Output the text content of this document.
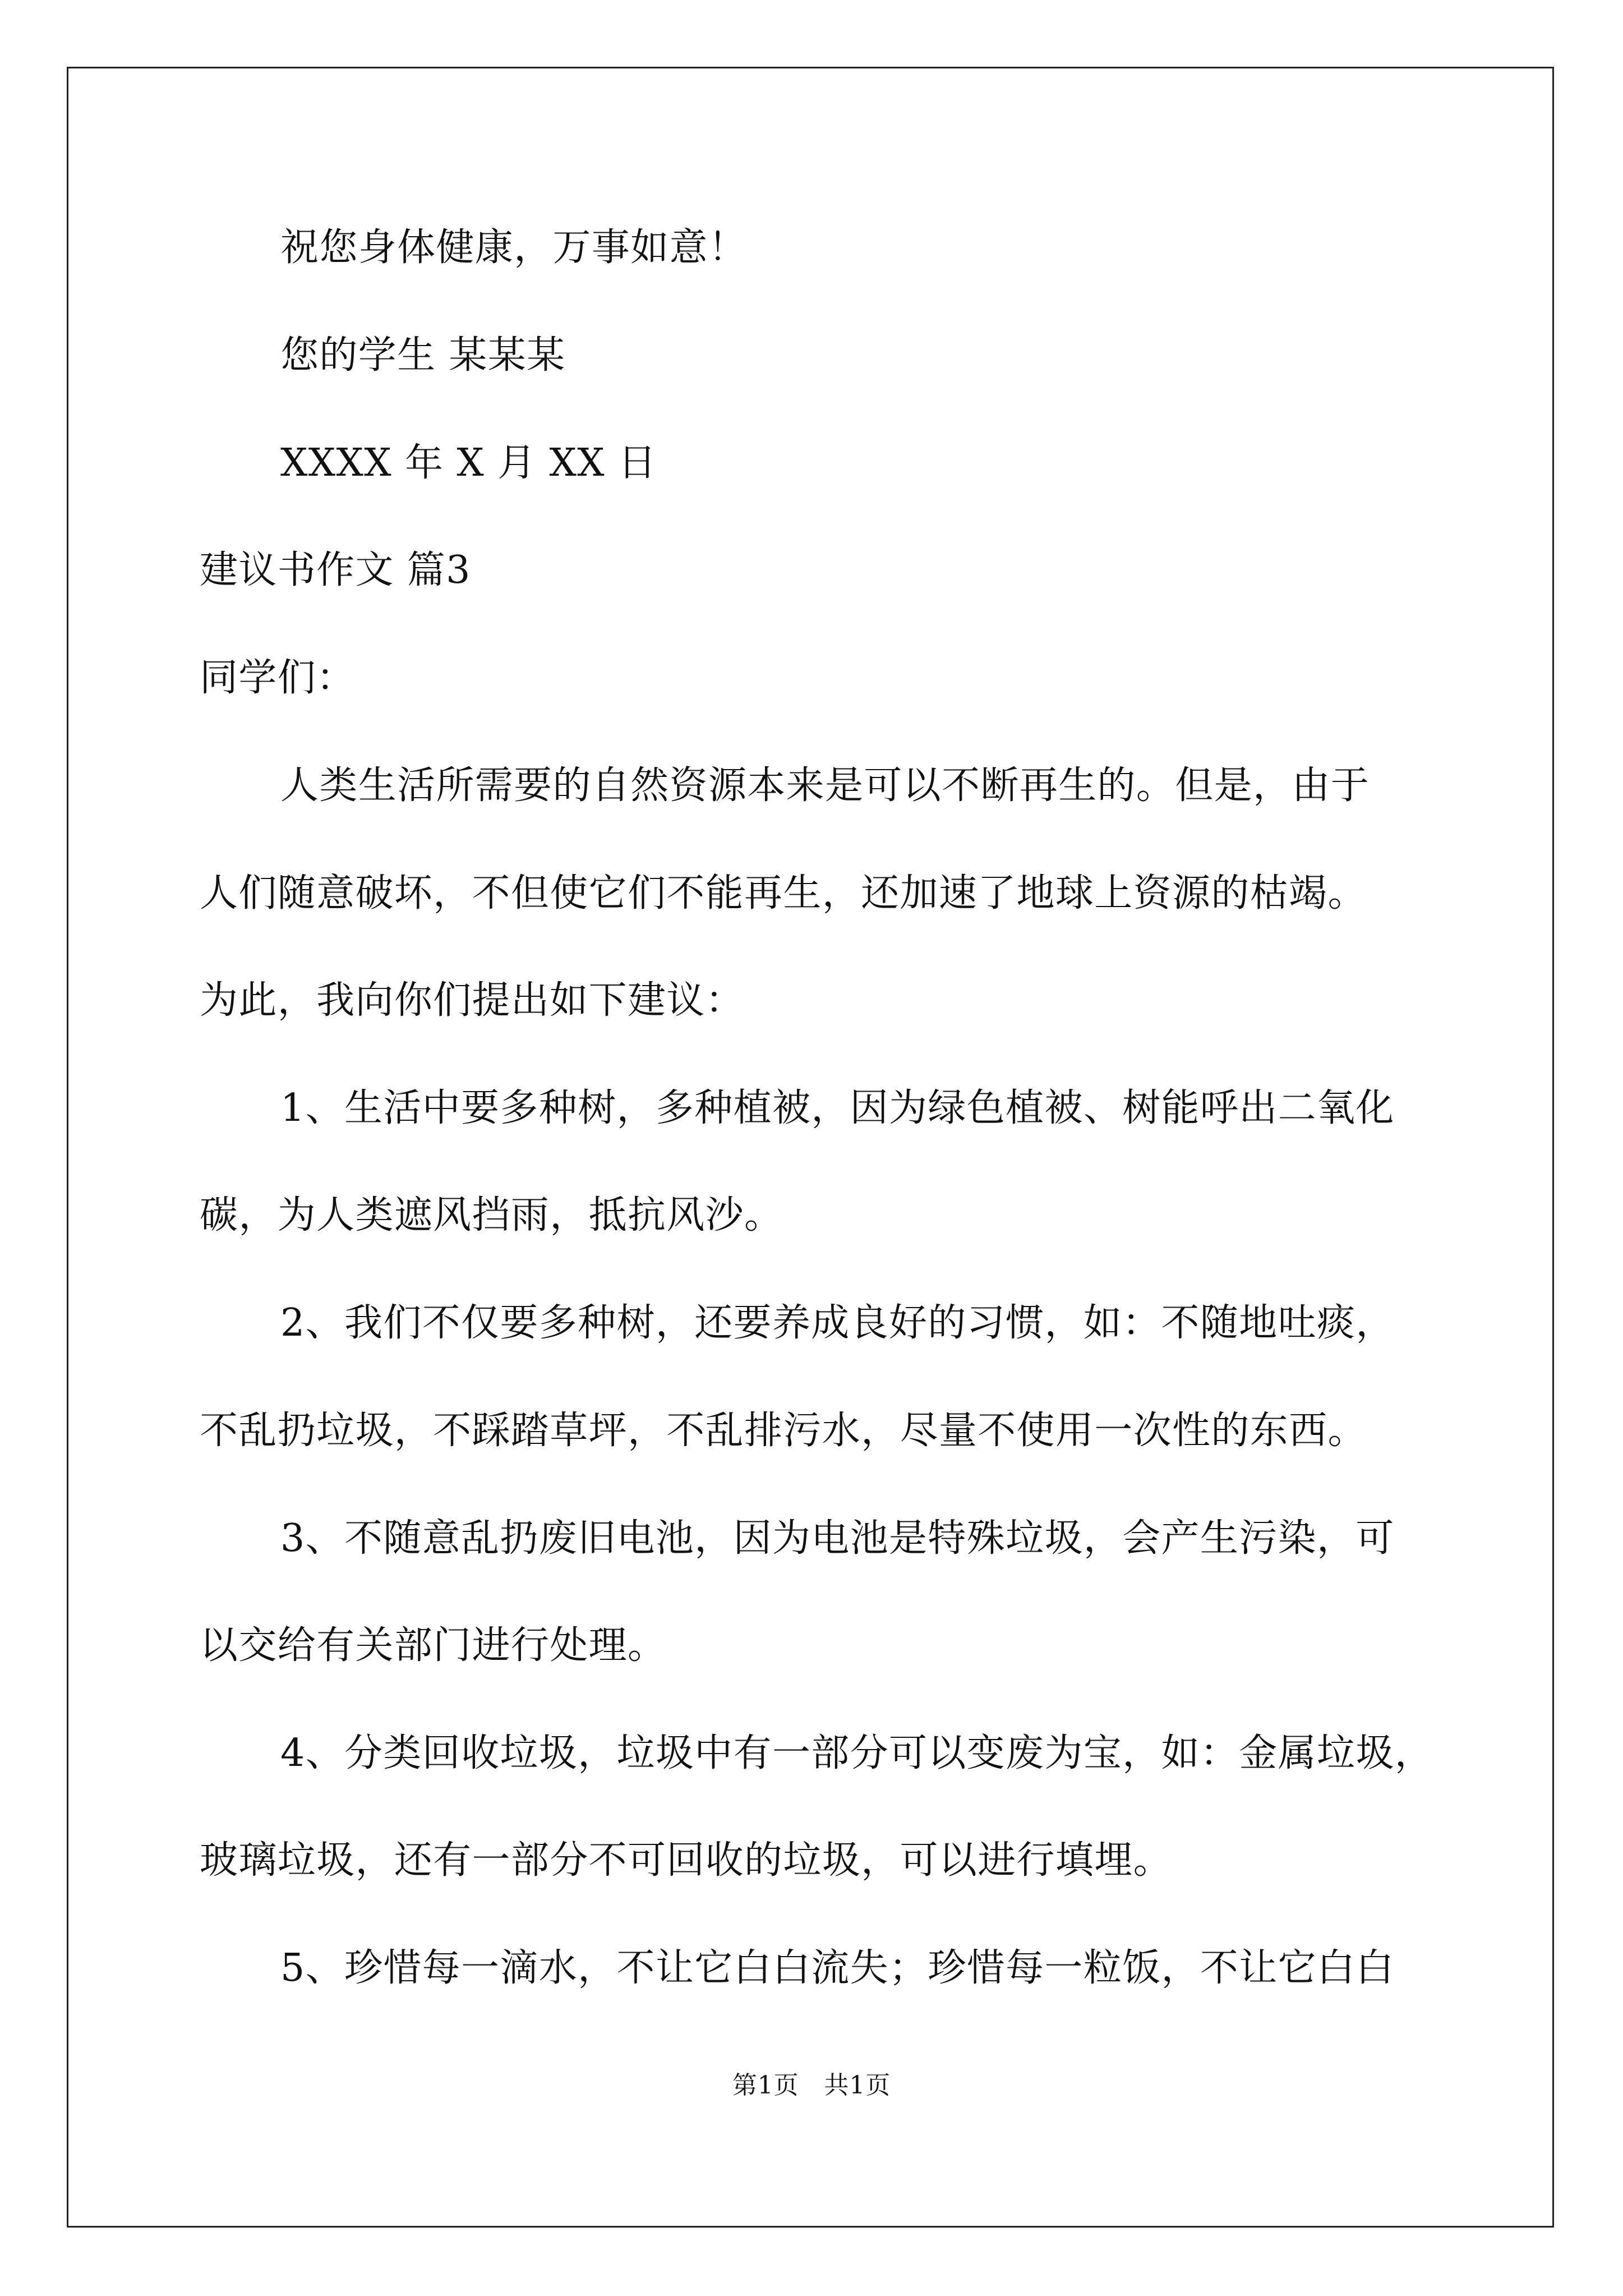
祝您身体健康，万事如意！
您的学生 某某某
XXXX 年 X 月 XX 日
建议书作文 篇3
同学们：
人类生活所需要的自然资源本来是可以不断再生的。但是，由于
人们随意破坏，不但使它们不能再生，还加速了地球上资源的枯竭。
为此，我向你们提出如下建议：
1、生活中要多种树，多种植被，因为绿色植被、树能呼出二氧化
碳，为人类遮风挡雨，抵抗风沙。
2、我们不仅要多种树，还要养成良好的习惯，如：不随地吐痰，
不乱扔垃圾，不踩踏草坪，不乱排污水，尽量不使用一次性的东西。
3、不随意乱扔废旧电池，因为电池是特殊垃圾，会产生污染，可
以交给有关部门进行处理。
4、分类回收垃圾，垃圾中有一部分可以变废为宝，如：金属垃圾，
玻璃垃圾，还有一部分不可回收的垃圾，可以进行填埋。
5、珍惜每一滴水，不让它白白流失；珍惜每一粒饭，不让它白白
第1页　共1页
